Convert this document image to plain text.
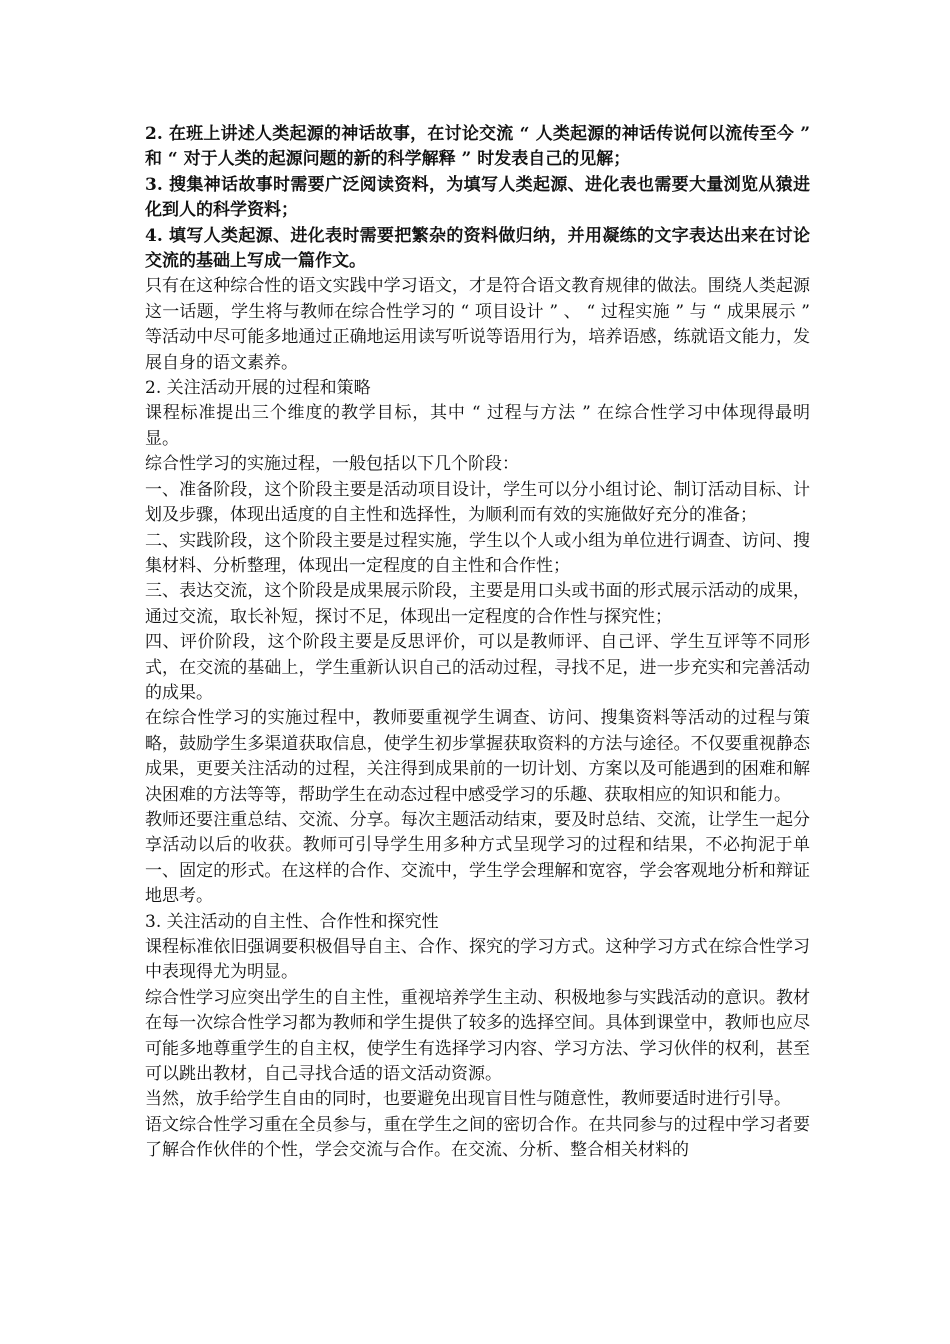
2. 在班上讲述人类起源的神话故事，在讨论交流 “ 人类起源的神话传说何以流传至今 ” 和 “ 对于人类的起源问题的新的科学解释 ” 时发表自己的见解；

3. 搜集神话故事时需要广泛阅读资料，为填写人类起源、进化表也需要大量浏览从猿进化到人的科学资料；

4. 填写人类起源、进化表时需要把繁杂的资料做归纳，并用凝练的文字表达出来在讨论交流的基础上写成一篇作文。

只有在这种综合性的语文实践中学习语文，才是符合语文教育规律的做法。围绕人类起源这一话题，学生将与教师在综合性学习的 “ 项目设计 ” 、 “ 过程实施 ” 与 “ 成果展示 ” 等活动中尽可能多地通过正确地运用读写听说等语用行为，培养语感，练就语文能力，发展自身的语文素养。

2. 关注活动开展的过程和策略

课程标准提出三个维度的教学目标，其中 “ 过程与方法 ” 在综合性学习中体现得最明显。

综合性学习的实施过程，一般包括以下几个阶段：

一、准备阶段，这个阶段主要是活动项目设计，学生可以分小组讨论、制订活动目标、计划及步骤，体现出适度的自主性和选择性，为顺利而有效的实施做好充分的准备；

二、实践阶段，这个阶段主要是过程实施，学生以个人或小组为单位进行调查、访问、搜集材料、分析整理，体现出一定程度的自主性和合作性；

三、表达交流，这个阶段是成果展示阶段，主要是用口头或书面的形式展示活动的成果，通过交流，取长补短，探讨不足，体现出一定程度的合作性与探究性；

四、评价阶段，这个阶段主要是反思评价，可以是教师评、自己评、学生互评等不同形式，在交流的基础上，学生重新认识自己的活动过程，寻找不足，进一步充实和完善活动的成果。

在综合性学习的实施过程中，教师要重视学生调查、访问、搜集资料等活动的过程与策略，鼓励学生多渠道获取信息，使学生初步掌握获取资料的方法与途径。不仅要重视静态成果，更要关注活动的过程，关注得到成果前的一切计划、方案以及可能遇到的困难和解决困难的方法等等，帮助学生在动态过程中感受学习的乐趣、获取相应的知识和能力。

教师还要注重总结、交流、分享。每次主题活动结束，要及时总结、交流，让学生一起分享活动以后的收获。教师可引导学生用多种方式呈现学习的过程和结果，不必拘泥于单一、固定的形式。在这样的合作、交流中，学生学会理解和宽容，学会客观地分析和辩证地思考。

3. 关注活动的自主性、合作性和探究性

课程标准依旧强调要积极倡导自主、合作、探究的学习方式。这种学习方式在综合性学习中表现得尤为明显。

综合性学习应突出学生的自主性，重视培养学生主动、积极地参与实践活动的意识。教材在每一次综合性学习都为教师和学生提供了较多的选择空间。具体到课堂中，教师也应尽可能多地尊重学生的自主权，使学生有选择学习内容、学习方法、学习伙伴的权利，甚至可以跳出教材，自己寻找合适的语文活动资源。

当然，放手给学生自由的同时，也要避免出现盲目性与随意性，教师要适时进行引导。

语文综合性学习重在全员参与，重在学生之间的密切合作。在共同参与的过程中学习者要了解合作伙伴的个性，学会交流与合作。在交流、分析、整合相关材料的
